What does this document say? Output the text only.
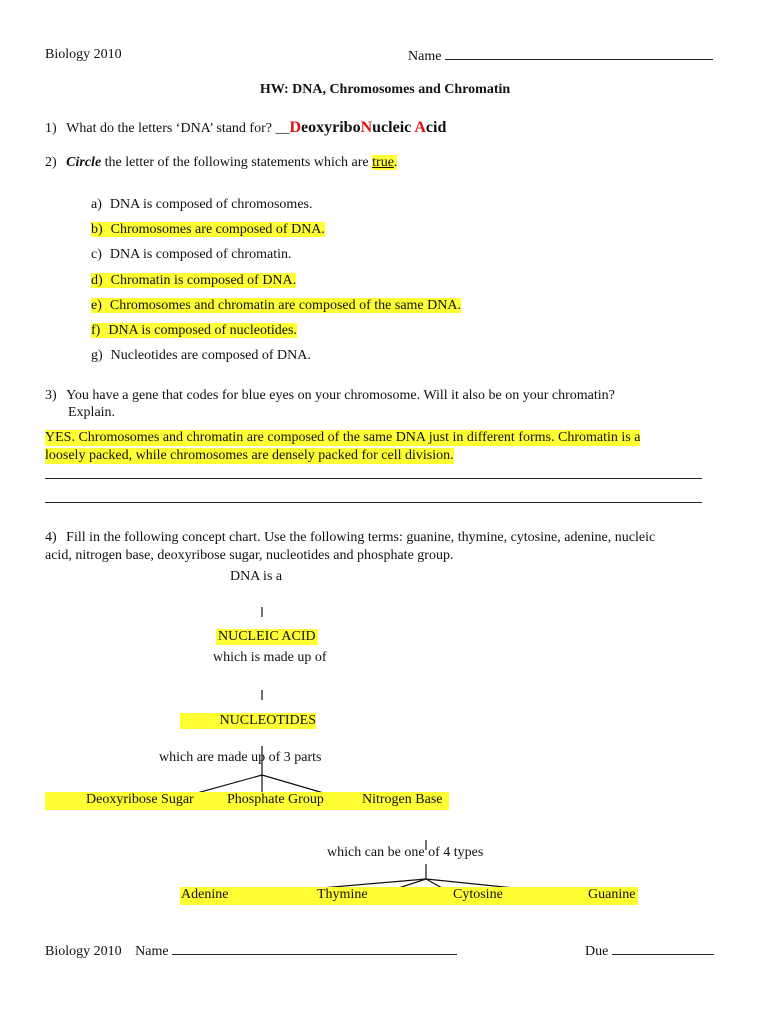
Biology 2010	Name
HW: DNA, Chromosomes and Chromatin
1) What do the letters ‘DNA’ stand for? __DeoxyriboNucleic Acid
2) Circle the letter of the following statements which are true.
a) DNA is composed of chromosomes.
b) Chromosomes are composed of DNA.
c) DNA is composed of chromatin.
d) Chromatin is composed of DNA.
e) Chromosomes and chromatin are composed of the same DNA.
f) DNA is composed of nucleotides.
g) Nucleotides are composed of DNA.
3) You have a gene that codes for blue eyes on your chromosome. Will it also be on your chromatin?
Explain.
YES. Chromosomes and chromatin are composed of the same DNA just in different forms. Chromatin is a
loosely packed, while chromosomes are densely packed for cell division.
4) Fill in the following concept chart. Use the following terms: guanine, thymine, cytosine, adenine, nucleic
acid, nitrogen base, deoxyribose sugar, nucleotides and phosphate group.
DNA is a
NUCLEIC ACID
which is made up of
NUCLEOTIDES
which are made up of 3 parts
Deoxyribose Sugar Phosphate Group	Nitrogen Base
which can be one of 4 types
Adenine	Thymine	Cytosine	Guanine
Biology 2010 Name	Due
